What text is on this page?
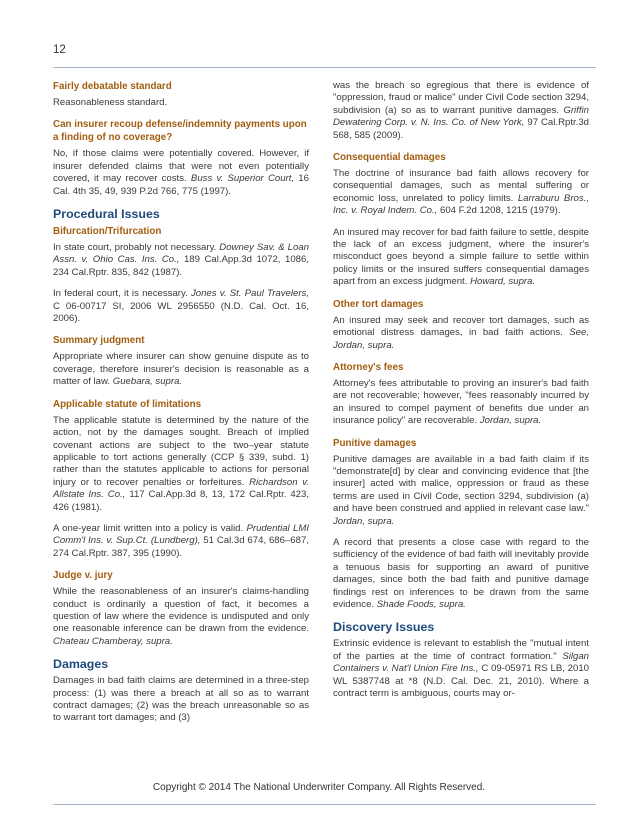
12
Fairly debatable standard
Reasonableness standard.
Can insurer recoup defense/indemnity payments upon a finding of no coverage?
No, if those claims were potentially covered. However, if insurer defended claims that were not even potentially covered, it may recover costs. Buss v. Superior Court, 16 Cal. 4th 35, 49, 939 P.2d 766, 775 (1997).
Procedural Issues
Bifurcation/Trifurcation
In state court, probably not necessary. Downey Sav. & Loan Assn. v. Ohio Cas. Ins. Co., 189 Cal.App.3d 1072, 1086, 234 Cal.Rptr. 835, 842 (1987).
In federal court, it is necessary. Jones v. St. Paul Travelers, C 06-00717 SI, 2006 WL 2956550 (N.D. Cal. Oct. 16, 2006).
Summary judgment
Appropriate where insurer can show genuine dispute as to coverage, therefore insurer's decision is reasonable as a matter of law. Guebara, supra.
Applicable statute of limitations
The applicable statute is determined by the nature of the action, not by the damages sought. Breach of implied covenant actions are subject to the two–year statute applicable to tort actions generally (CCP § 339, subd. 1) rather than the statutes applicable to actions for personal injury or to recover penalties or forfeitures. Richardson v. Allstate Ins. Co., 117 Cal.App.3d 8, 13, 172 Cal.Rptr. 423, 426 (1981).
A one-year limit written into a policy is valid. Prudential LMI Comm'l Ins. v. Sup.Ct. (Lundberg), 51 Cal.3d 674, 686–687, 274 Cal.Rptr. 387, 395 (1990).
Judge v. jury
While the reasonableness of an insurer's claims-handling conduct is ordinarily a question of fact, it becomes a question of law where the evidence is undisputed and only one reasonable inference can be drawn from the evidence. Chateau Chamberay, supra.
Damages
Damages in bad faith claims are determined in a three-step process: (1) was there a breach at all so as to warrant contract damages; (2) was the breach unreasonable so as to warrant tort damages; and (3)
was the breach so egregious that there is evidence of "oppression, fraud or malice" under Civil Code section 3294, subdivision (a) so as to warrant punitive damages. Griffin Dewatering Corp. v. N. Ins. Co. of New York, 97 Cal.Rptr.3d 568, 585 (2009).
Consequential damages
The doctrine of insurance bad faith allows recovery for consequential damages, such as mental suffering or economic loss, unrelated to policy limits. Larraburu Bros., Inc. v. Royal Indem. Co., 604 F.2d 1208, 1215 (1979).
An insured may recover for bad faith failure to settle, despite the lack of an excess judgment, where the insurer's misconduct goes beyond a simple failure to settle within policy limits or the insured suffers consequential damages apart from an excess judgment. Howard, supra.
Other tort damages
An insured may seek and recover tort damages, such as emotional distress damages, in bad faith actions. See, Jordan, supra.
Attorney's fees
Attorney's fees attributable to proving an insurer's bad faith are not recoverable; however, "fees reasonably incurred by an insured to compel payment of benefits due under an insurance policy" are recoverable. Jordan, supra.
Punitive damages
Punitive damages are available in a bad faith claim if its "demonstrate[d] by clear and convincing evidence that [the insurer] acted with malice, oppression or fraud as these terms are used in Civil Code, section 3294, subdivision (a) and have been construed and applied in relevant case law." Jordan, supra.
A record that presents a close case with regard to the sufficiency of the evidence of bad faith will inevitably provide a tenuous basis for supporting an award of punitive damages, since both the bad faith and punitive damage findings rest on inferences to be drawn from the same evidence. Shade Foods, supra.
Discovery Issues
Extrinsic evidence is relevant to establish the "mutual intent of the parties at the time of contract formation." Silgan Containers v. Nat'l Union Fire Ins., C 09-05971 RS LB, 2010 WL 5387748 at *8 (N.D. Cal. Dec. 21, 2010). Where a contract term is ambiguous, courts may or-
Copyright © 2014 The National Underwriter Company. All Rights Reserved.
